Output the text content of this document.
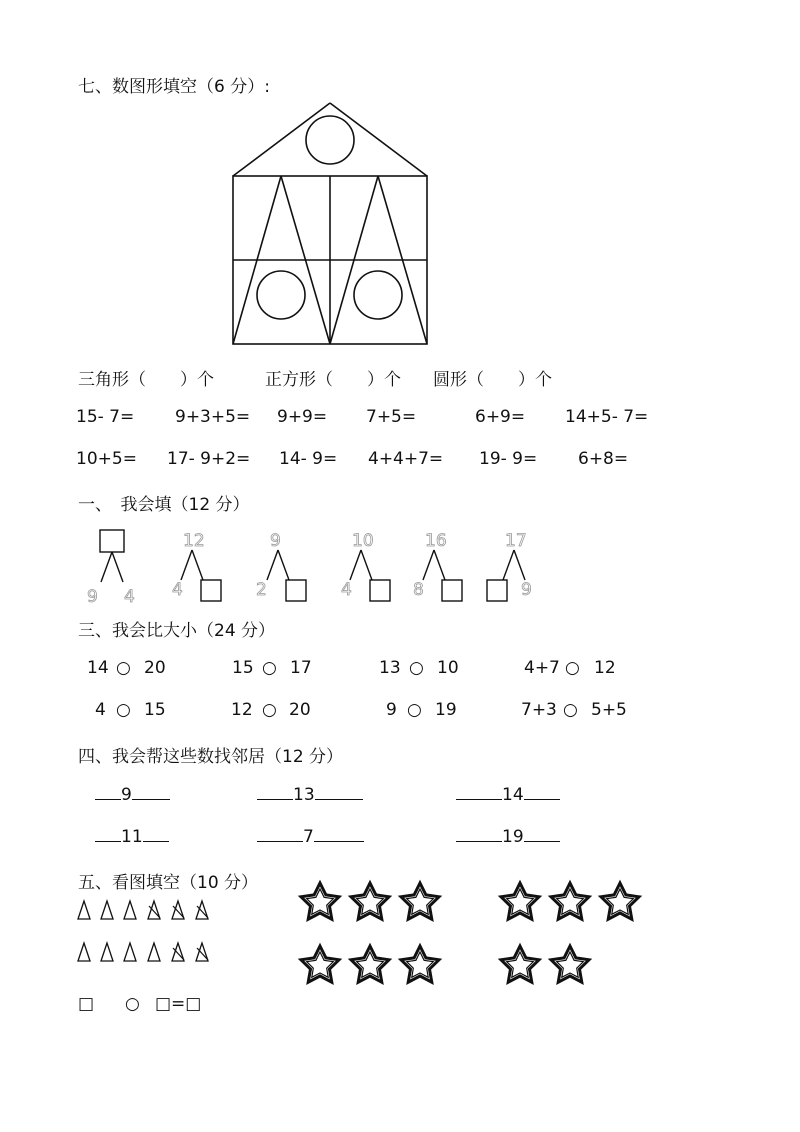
七、数图形填空（6 分）:
三角形（　　）个	正方形（　　）个 圆形（　　）个
15- 7= 9+3+5= 9+9= 7+5=	6+9= 14+5- 7=
10+5= 17- 9+2= 14- 9= 4+4+7= 19- 9= 6+8=
一、　我会填（12 分）
9 4
12
4
9
2
10
4
16
8
17
9
三、我会比大小（24 分）
14 ○ 20	15 ○ 17	13 ○ 10	4+7 ○ 12
4 ○ 15	12 ○ 20	9 ○ 19	7+3 ○ 5+5
四、我会帮这些数找邻居（12 分）
9	13	14
11	7	19
五、看图填空（10 分）
□ ○ □ =□
